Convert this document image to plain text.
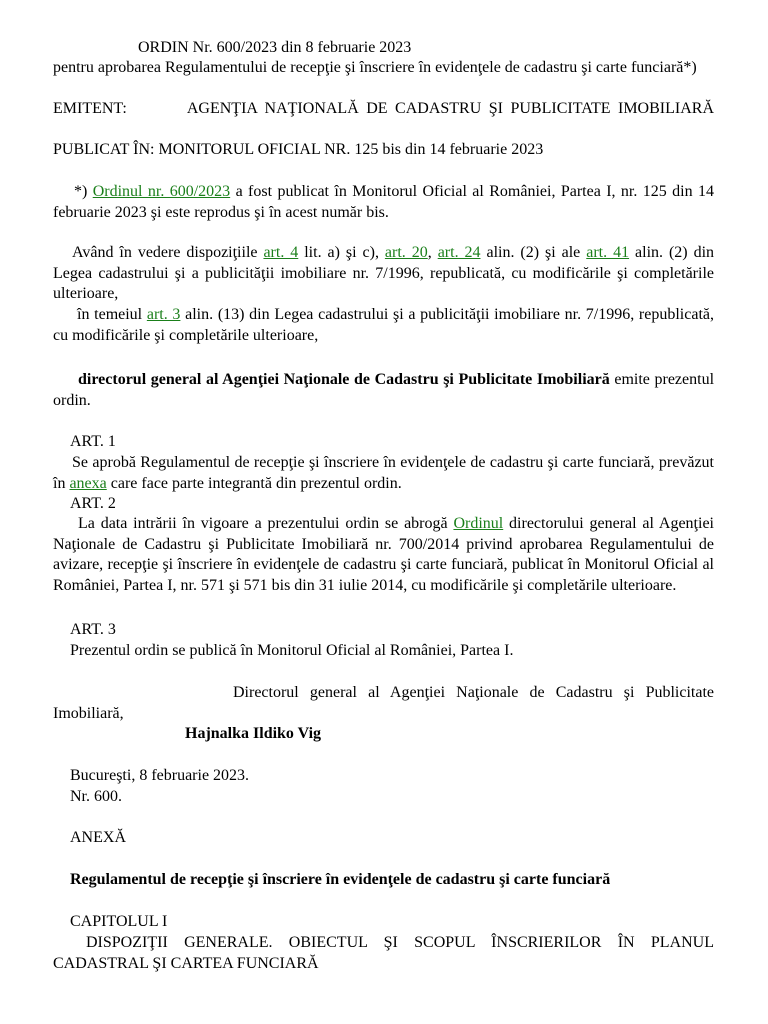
ORDIN Nr. 600/2023 din 8 februarie 2023

pentru aprobarea Regulamentului de recepţie şi înscriere în evidenţele de cadastru şi carte funciară*)

EMITENT:	AGENŢIA NAŢIONALĂ DE CADASTRU ŞI PUBLICITATE IMOBILIARĂ

PUBLICAT ÎN: MONITORUL OFICIAL NR. 125 bis din 14 februarie 2023

*) Ordinul nr. 600/2023 a fost publicat în Monitorul Oficial al României, Partea I, nr. 125 din 14 februarie 2023 şi este reprodus şi în acest număr bis.

Având în vedere dispoziţiile art. 4 lit. a) şi c), art. 20, art. 24 alin. (2) şi ale art. 41 alin. (2) din Legea cadastrului şi a publicităţii imobiliare nr. 7/1996, republicată, cu modificările şi completările ulterioare,

în temeiul art. 3 alin. (13) din Legea cadastrului şi a publicităţii imobiliare nr. 7/1996, republicată, cu modificările şi completările ulterioare,

directorul general al Agenţiei Naţionale de Cadastru şi Publicitate Imobiliară emite prezentul ordin.

ART. 1

Se aprobă Regulamentul de recepţie şi înscriere în evidenţele de cadastru şi carte funciară, prevăzut în anexa care face parte integrantă din prezentul ordin.

ART. 2

La data intrării în vigoare a prezentului ordin se abrogă Ordinul directorului general al Agenţiei Naţionale de Cadastru şi Publicitate Imobiliară nr. 700/2014 privind aprobarea Regulamentului de avizare, recepţie şi înscriere în evidenţele de cadastru şi carte funciară, publicat în Monitorul Oficial al României, Partea I, nr. 571 şi 571 bis din 31 iulie 2014, cu modificările şi completările ulterioare.

ART. 3

Prezentul ordin se publică în Monitorul Oficial al României, Partea I.

Directorul general al Agenţiei Naţionale de Cadastru şi Publicitate Imobiliară,

Hajnalka Ildiko Vig

Bucureşti, 8 februarie 2023.

Nr. 600.

ANEXĂ

Regulamentul de recepţie şi înscriere în evidenţele de cadastru şi carte funciară

CAPITOLUL I

DISPOZIŢII GENERALE. OBIECTUL ŞI SCOPUL ÎNSCRIERILOR ÎN PLANUL CADASTRAL ŞI CARTEA FUNCIARĂ
